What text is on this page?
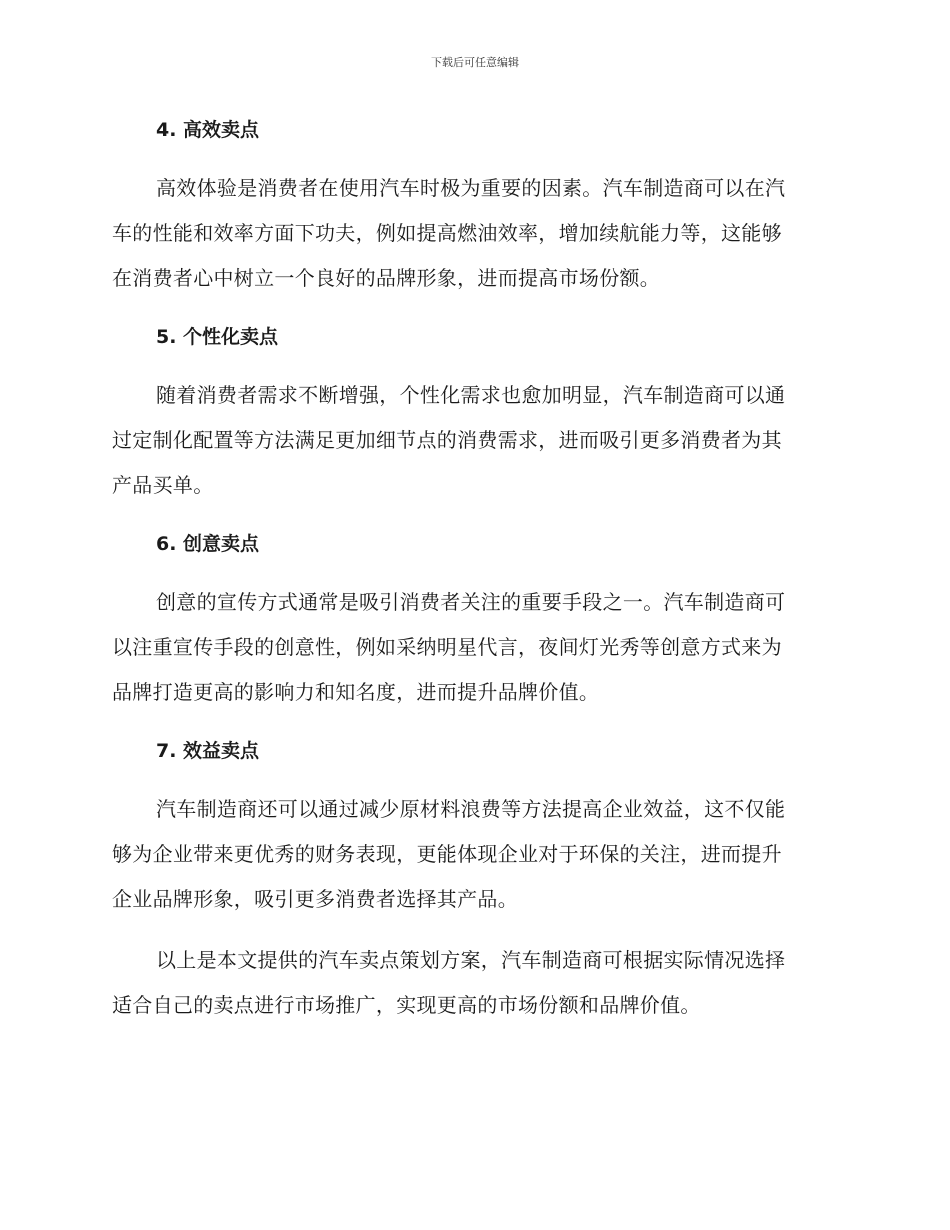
下载后可任意编辑
4. 高效卖点

高效体验是消费者在使用汽车时极为重要的因素。汽车制造商可以在汽
车的性能和效率方面下功夫，例如提高燃油效率，增加续航能力等，这能够
在消费者心中树立一个良好的品牌形象，进而提高市场份额。

5. 个性化卖点

随着消费者需求不断增强，个性化需求也愈加明显，汽车制造商可以通
过定制化配置等方法满足更加细节点的消费需求，进而吸引更多消费者为其
产品买单。

6. 创意卖点

创意的宣传方式通常是吸引消费者关注的重要手段之一。汽车制造商可
以注重宣传手段的创意性，例如采纳明星代言，夜间灯光秀等创意方式来为
品牌打造更高的影响力和知名度，进而提升品牌价值。

7. 效益卖点

汽车制造商还可以通过减少原材料浪费等方法提高企业效益，这不仅能
够为企业带来更优秀的财务表现，更能体现企业对于环保的关注，进而提升
企业品牌形象，吸引更多消费者选择其产品。

以上是本文提供的汽车卖点策划方案，汽车制造商可根据实际情况选择
适合自己的卖点进行市场推广，实现更高的市场份额和品牌价值。
